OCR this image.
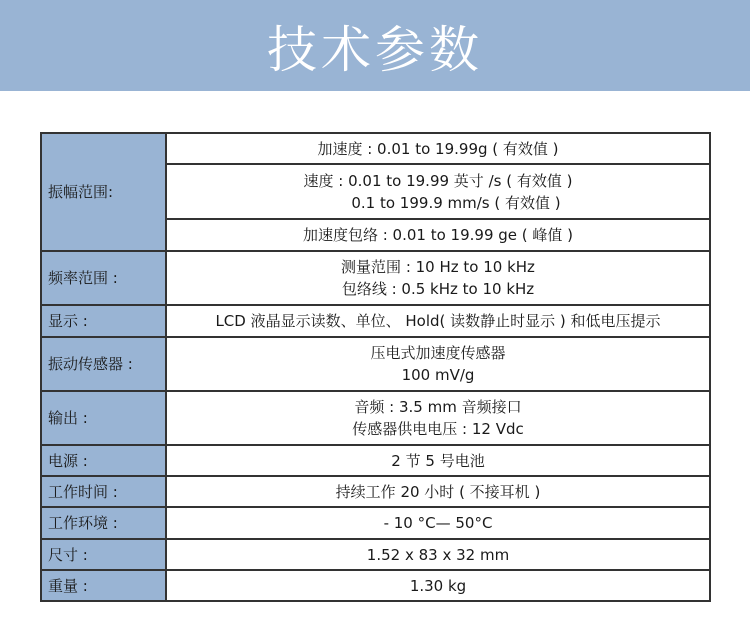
技术参数
振幅范围:	加速度 : 0.01 to 19.99g ( 有效值 )

	速度 : 0.01 to 19.99 英寸 /s ( 有效值 )
0.1 to 199.9 mm/s ( 有效值 )

	加速度包络 : 0.01 to 19.99 ge ( 峰值 )

频率范围 :	测量范围 : 10 Hz to 10 kHz
包络线 : 0.5 kHz to 10 kHz

显示 :	LCD 液晶显示读数、单位、 Hold( 读数静止时显示 ) 和低电压提示

振动传感器 :	压电式加速度传感器
100 mV/g

输出 :	音频 : 3.5 mm 音频接口
传感器供电电压 : 12 Vdc

电源 :	2 节 5 号电池

工作时间 :	持续工作 20 小时 ( 不接耳机 )

工作环境 :	- 10 °C— 50°C

尺寸 :	1.52 x 83 x 32 mm

重量 :	1.30 kg
